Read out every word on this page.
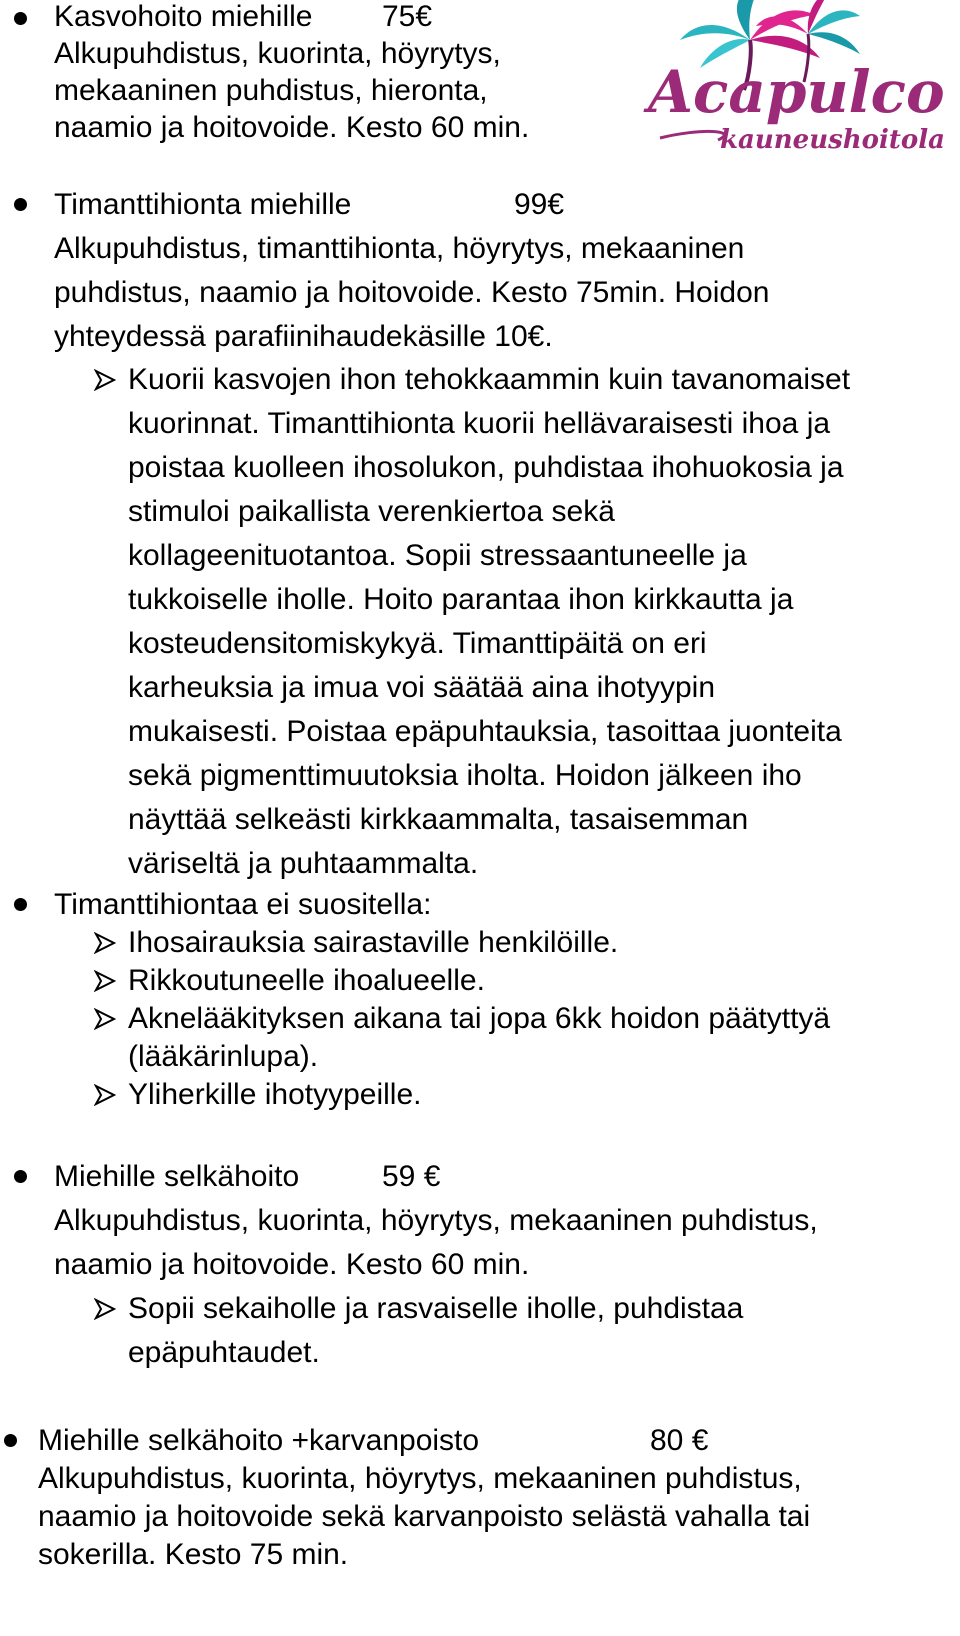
Acapulco
kauneushoitola
Kasvohoito miehille 75€
Alkupuhdistus, kuorinta, höyrytys,
mekaaninen puhdistus, hieronta,
naamio ja hoitovoide. Kesto 60 min.
Timanttihionta miehille	99€
Alkupuhdistus, timanttihionta, höyrytys, mekaaninen
puhdistus, naamio ja hoitovoide. Kesto 75min. Hoidon
yhteydessä parafiinihaudekäsille 10€.
Kuorii kasvojen ihon tehokkaammin kuin tavanomaiset
kuorinnat. Timanttihionta kuorii hellävaraisesti ihoa ja
poistaa kuolleen ihosolukon, puhdistaa ihohuokosia ja
stimuloi paikallista verenkiertoa sekä
kollageenituotantoa. Sopii stressaantuneelle ja
tukkoiselle iholle. Hoito parantaa ihon kirkkautta ja
kosteudensitomiskykyä. Timanttipäitä on eri
karheuksia ja imua voi säätää aina ihotyypin
mukaisesti. Poistaa epäpuhtauksia, tasoittaa juonteita
sekä pigmenttimuutoksia iholta. Hoidon jälkeen iho
näyttää selkeästi kirkkaammalta, tasaisemman
väriseltä ja puhtaammalta.
Timanttihiontaa ei suositella:
Ihosairauksia sairastaville henkilöille.
Rikkoutuneelle ihoalueelle.
Aknelääkityksen aikana tai jopa 6kk hoidon päätyttyä
(lääkärinlupa).
Yliherkille ihotyypeille.
Miehille selkähoito	59 €
Alkupuhdistus, kuorinta, höyrytys, mekaaninen puhdistus,
naamio ja hoitovoide. Kesto 60 min.
Sopii sekaiholle ja rasvaiselle iholle, puhdistaa
epäpuhtaudet.
Miehille selkähoito +karvanpoisto	80 €
Alkupuhdistus, kuorinta, höyrytys, mekaaninen puhdistus,
naamio ja hoitovoide sekä karvanpoisto selästä vahalla tai
sokerilla. Kesto 75 min.
